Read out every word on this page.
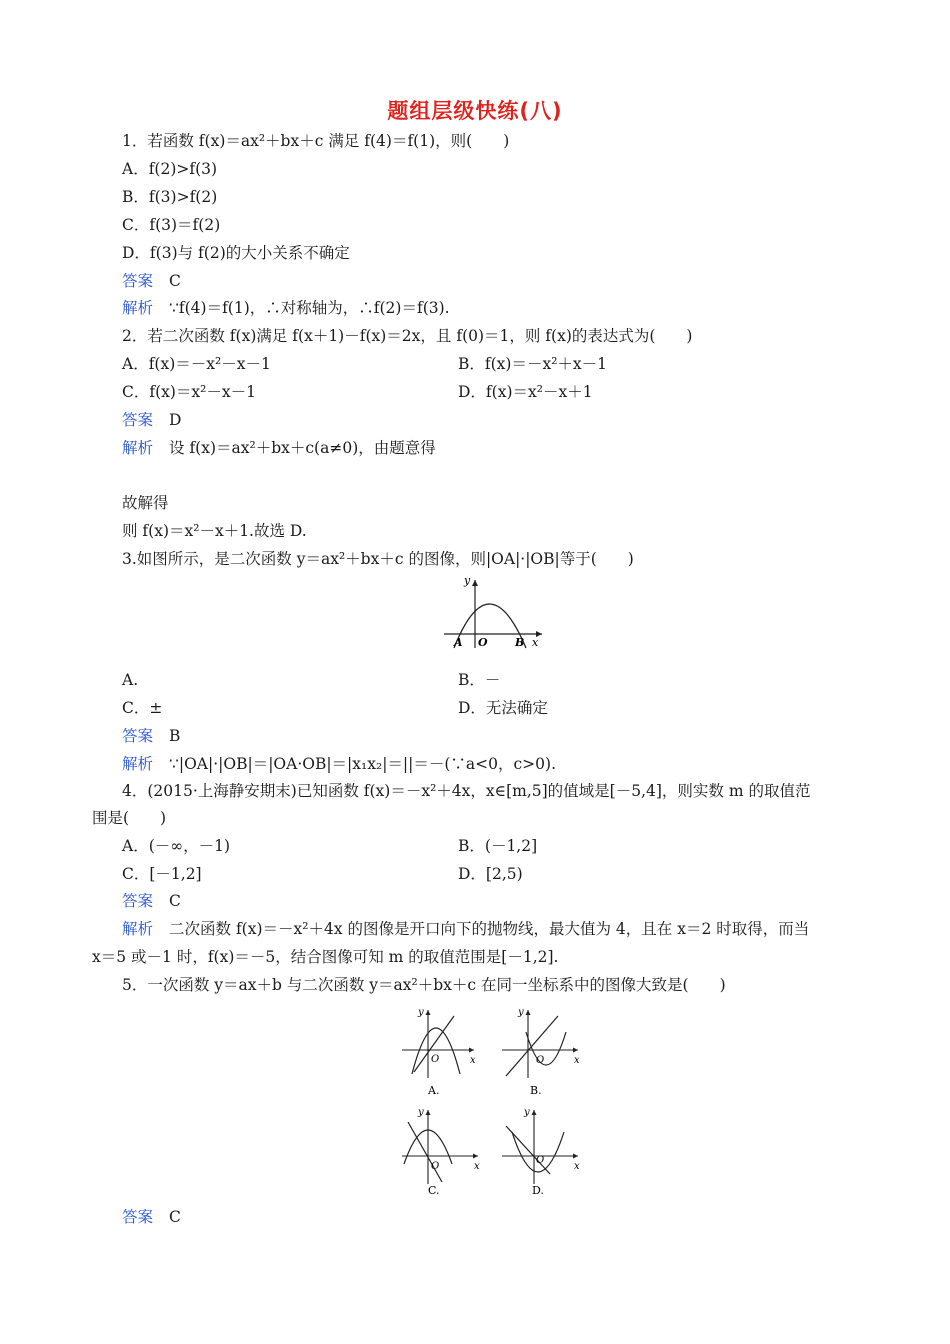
题组层级快练(八)
1．若函数 f(x)＝ax²＋bx＋c 满足 f(4)＝f(1)，则(　　)
A．f(2)>f(3)
B．f(3)>f(2)
C．f(3)＝f(2)
D．f(3)与 f(2)的大小关系不确定
答案 C
解析 ∵f(4)＝f(1)，∴对称轴为，∴f(2)＝f(3).
2．若二次函数 f(x)满足 f(x＋1)－f(x)＝2x，且 f(0)＝1，则 f(x)的表达式为(　　)
A．f(x)＝－x²－x－1	B．f(x)＝－x²＋x－1
C．f(x)＝x²－x－1	D．f(x)＝x²－x＋1
答案 D
解析 设 f(x)＝ax²＋bx＋c(a≠0)，由题意得
故解得
则 f(x)＝x²－x＋1.故选 D.
3.如图所示，是二次函数 y＝ax²＋bx＋c 的图像，则|OA|·|OB|等于(　　)
y
x
A O B
A.	B．－
C．±	D．无法确定
答案 B
解析 ∵|OA|·|OB|＝|OA·OB|＝|x₁x₂|＝||＝－(∵a<0，c>0).
4．(2015·上海静安期末)已知函数 f(x)＝－x²＋4x，x∈[m,5]的值域是[－5,4]，则实数 m 的取值范
围是(　　)
A．(－∞，－1)	B．(－1,2]
C．[－1,2]	D．[2,5)
答案 C
解析 二次函数 f(x)＝－x²＋4x 的图像是开口向下的抛物线，最大值为 4，且在 x＝2 时取得，而当
x＝5 或－1 时，f(x)＝－5，结合图像可知 m 的取值范围是[－1,2].
5．一次函数 y＝ax＋b 与二次函数 y＝ax²＋bx＋c 在同一坐标系中的图像大致是(　　)
y
x
O
A.
y
x
O
B.
y
x
O
C.
y
x
O
D.
答案 C
